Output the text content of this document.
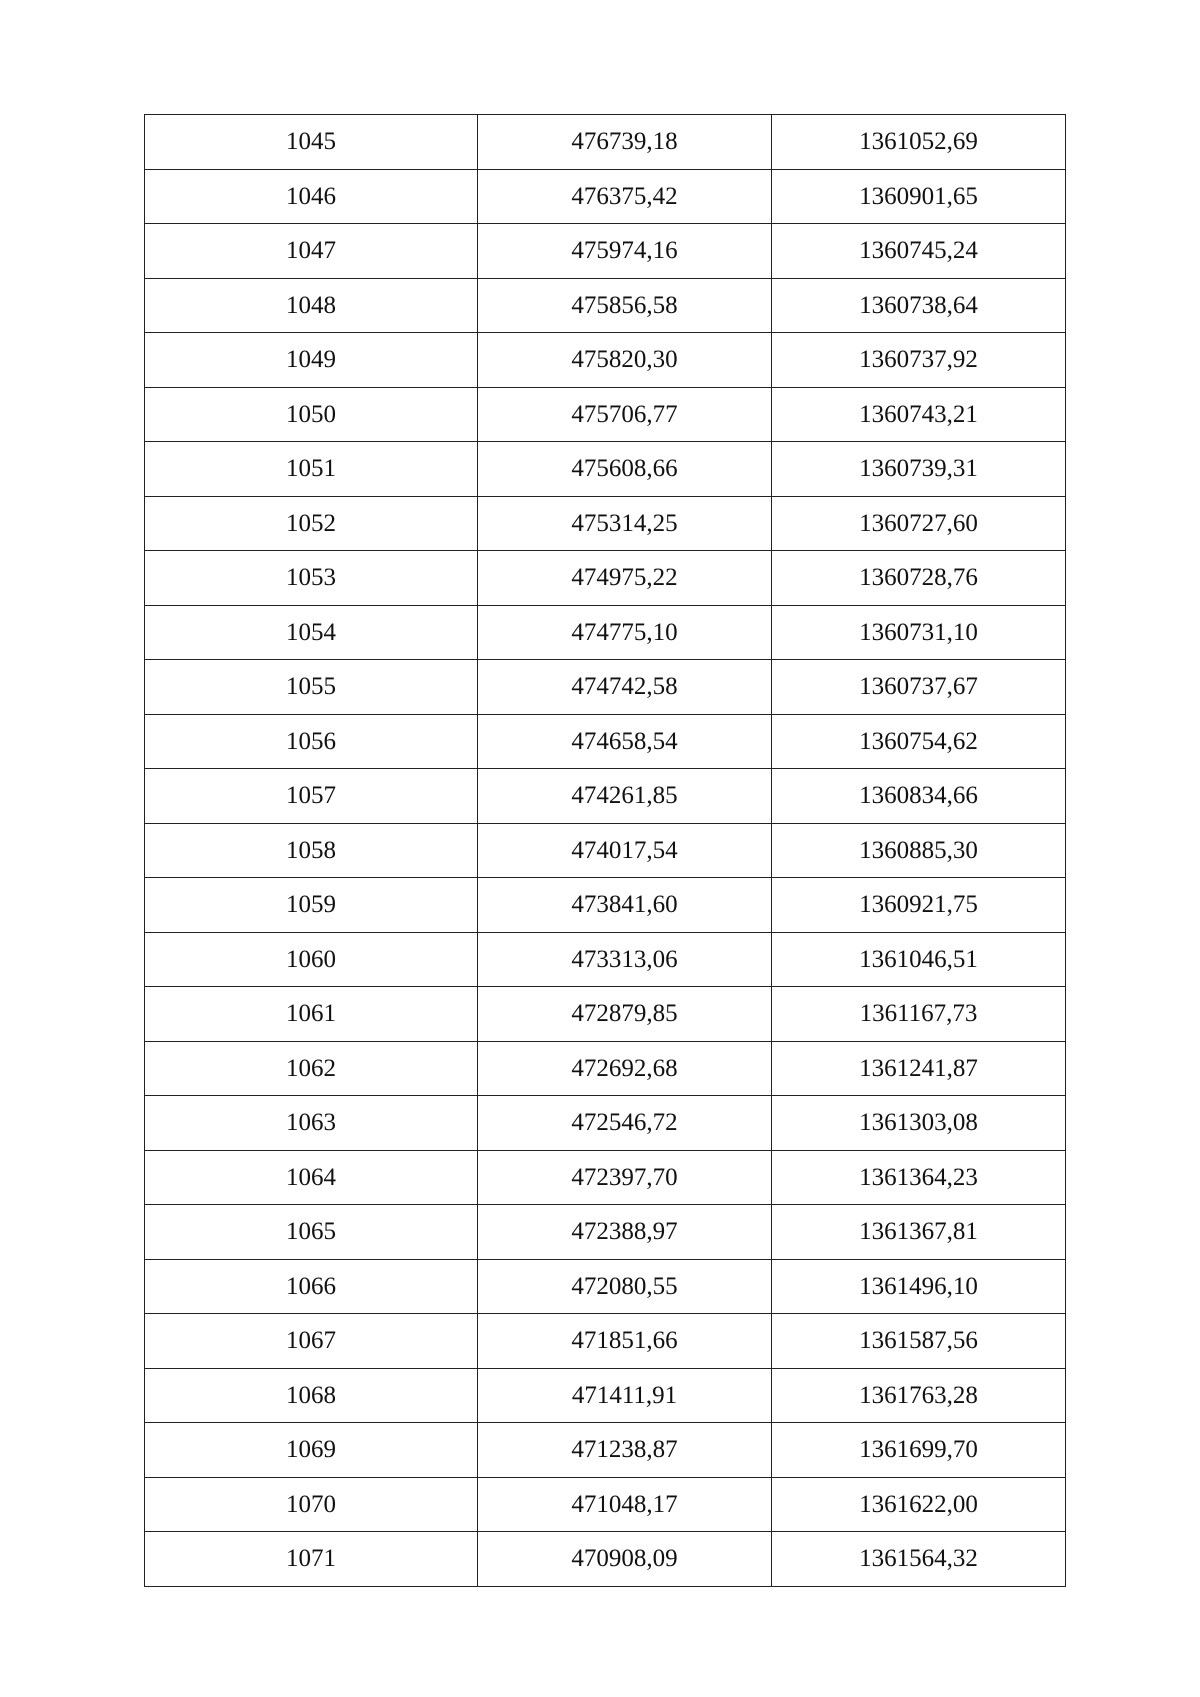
1045	476739,18	1361052,69
1046	476375,42	1360901,65
1047	475974,16	1360745,24
1048	475856,58	1360738,64
1049	475820,30	1360737,92
1050	475706,77	1360743,21
1051	475608,66	1360739,31
1052	475314,25	1360727,60
1053	474975,22	1360728,76
1054	474775,10	1360731,10
1055	474742,58	1360737,67
1056	474658,54	1360754,62
1057	474261,85	1360834,66
1058	474017,54	1360885,30
1059	473841,60	1360921,75
1060	473313,06	1361046,51
1061	472879,85	1361167,73
1062	472692,68	1361241,87
1063	472546,72	1361303,08
1064	472397,70	1361364,23
1065	472388,97	1361367,81
1066	472080,55	1361496,10
1067	471851,66	1361587,56
1068	471411,91	1361763,28
1069	471238,87	1361699,70
1070	471048,17	1361622,00
1071	470908,09	1361564,32
